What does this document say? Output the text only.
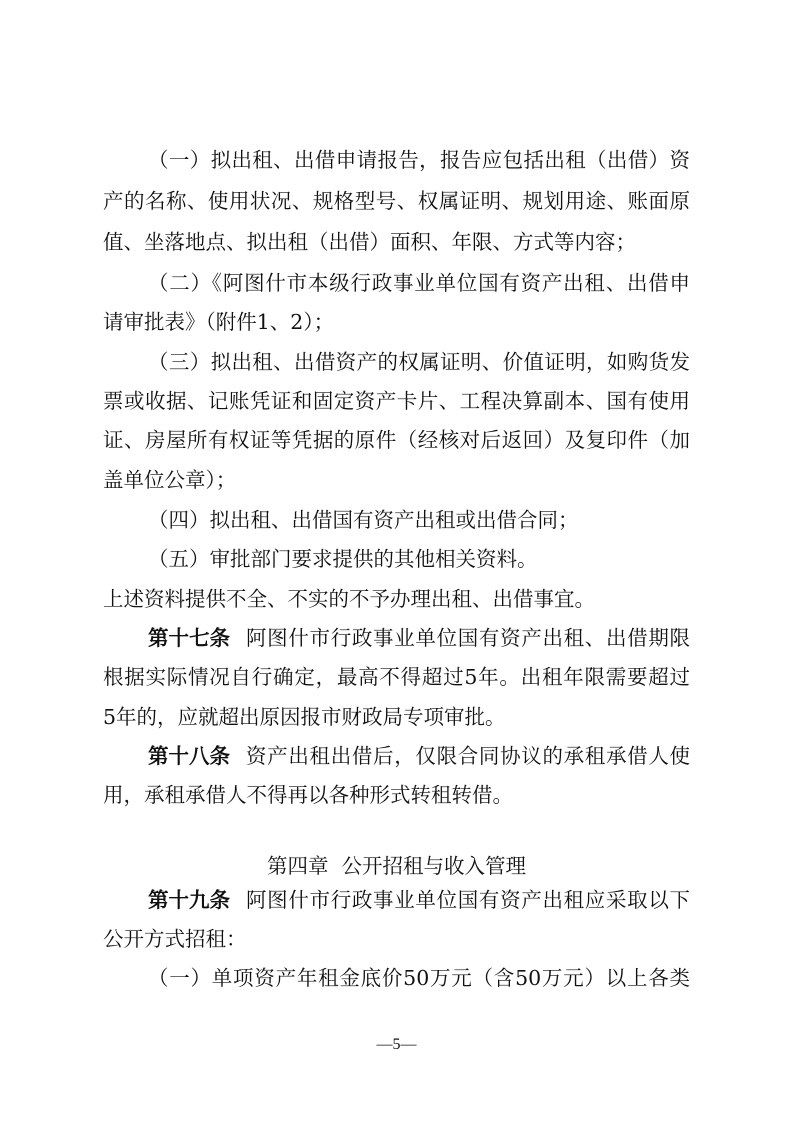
（一）拟出租、出借申请报告，报告应包括出租（出借）资
产的名称、使用状况、规格型号、权属证明、规划用途、账面原
值、坐落地点、拟出租（出借）面积、年限、方式等内容；
（二）《阿图什市本级行政事业单位国有资产出租、出借申
请审批表》（附件1、2）；
（三）拟出租、出借资产的权属证明、价值证明，如购货发
票或收据、记账凭证和固定资产卡片、工程决算副本、国有使用
证、房屋所有权证等凭据的原件（经核对后返回）及复印件（加
盖单位公章）；
（四）拟出租、出借国有资产出租或出借合同；
（五）审批部门要求提供的其他相关资料。
上述资料提供不全、不实的不予办理出租、出借事宜。
第十七条 阿图什市行政事业单位国有资产出租、出借期限
根据实际情况自行确定，最高不得超过5年。出租年限需要超过
5年的，应就超出原因报市财政局专项审批。
第十八条 资产出租出借后，仅限合同协议的承租承借人使
用，承租承借人不得再以各种形式转租转借。
第四章  公开招租与收入管理
第十九条 阿图什市行政事业单位国有资产出租应采取以下
公开方式招租：
（一）单项资产年租金底价50万元（含50万元）以上各类
—5—
